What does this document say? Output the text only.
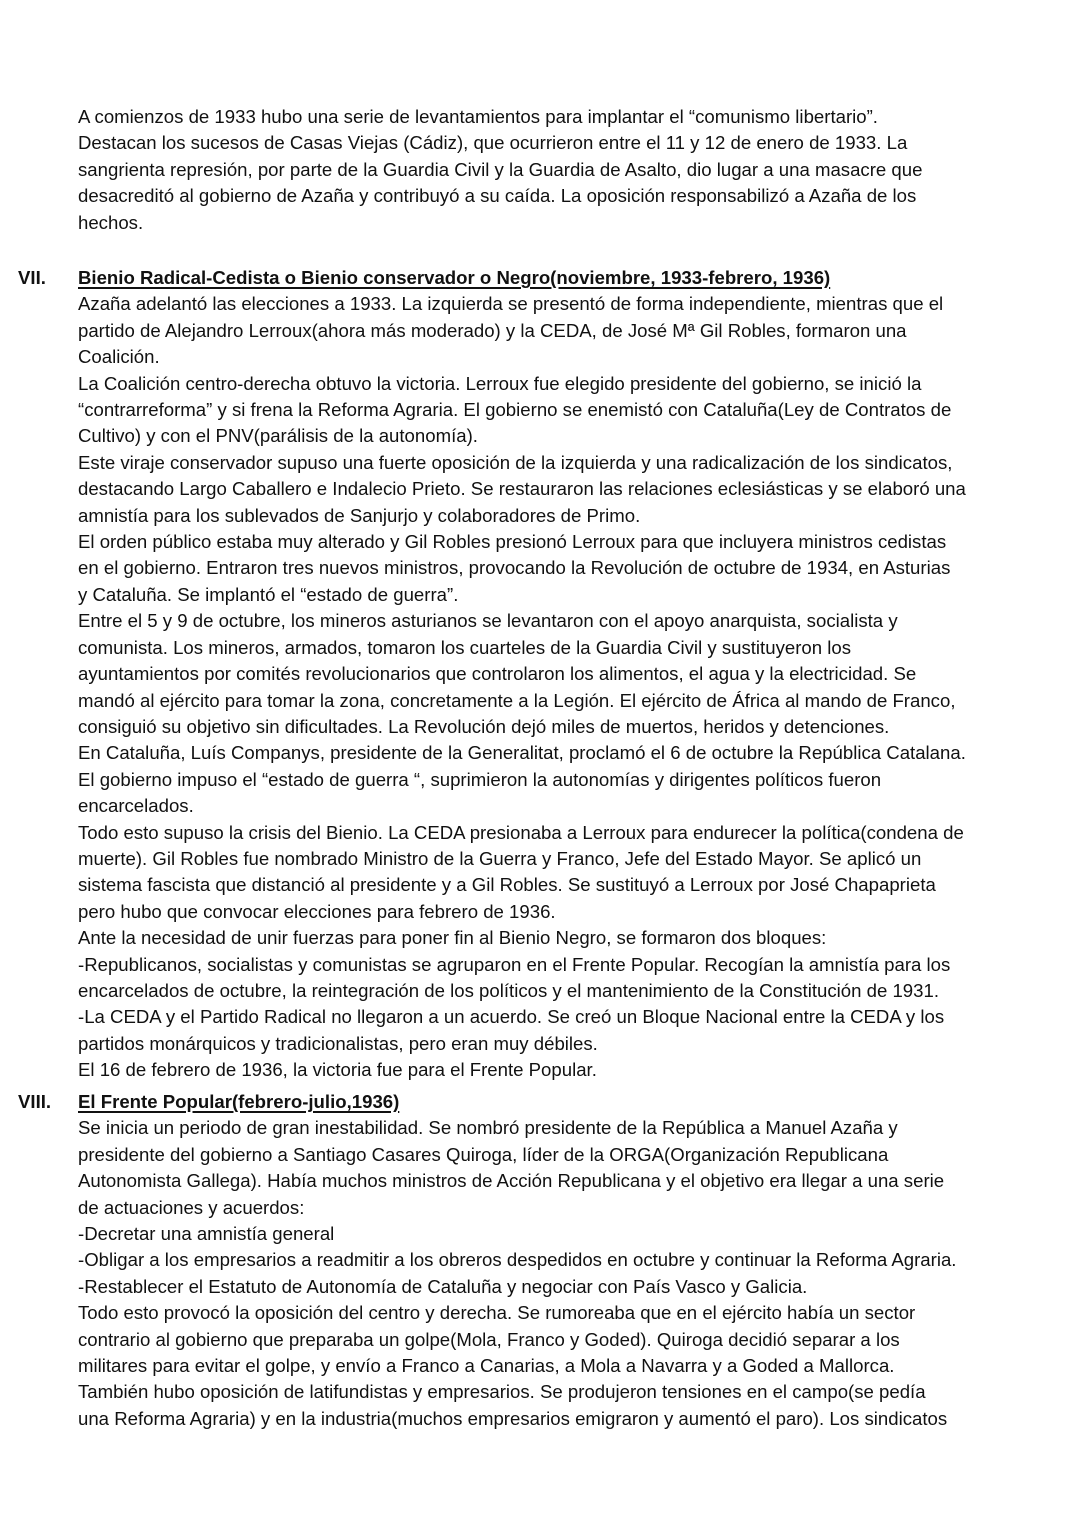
A comienzos de 1933 hubo una serie de levantamientos para implantar el “comunismo libertario”.
Destacan los sucesos de Casas Viejas (Cádiz), que ocurrieron entre el 11 y 12 de enero de 1933. La
sangrienta represión, por parte de la Guardia Civil y la Guardia de Asalto, dio lugar a una masacre que
desacreditó al gobierno de Azaña y contribuyó a su caída. La oposición responsabilizó a Azaña de los
hechos.
VII. Bienio Radical-Cedista o Bienio conservador o Negro(noviembre, 1933-febrero, 1936)
Azaña adelantó las elecciones a 1933. La izquierda se presentó de forma independiente, mientras que el
partido de Alejandro Lerroux(ahora más moderado) y la CEDA, de José Mª Gil Robles, formaron una
Coalición.
La Coalición centro-derecha obtuvo la victoria. Lerroux fue elegido presidente del gobierno, se inició la
“contrarreforma” y si frena la Reforma Agraria. El gobierno se enemistó con Cataluña(Ley de Contratos de
Cultivo) y con el PNV(parálisis de la autonomía).
Este viraje conservador supuso una fuerte oposición de la izquierda y una radicalización de los sindicatos,
destacando Largo Caballero e Indalecio Prieto. Se restauraron las relaciones eclesiásticas y se elaboró una
amnistía para los sublevados de Sanjurjo y colaboradores de Primo.
El orden público estaba muy alterado y Gil Robles presionó Lerroux para que incluyera ministros cedistas
en el gobierno. Entraron tres nuevos ministros, provocando la Revolución de octubre de 1934, en Asturias
y Cataluña. Se implantó el “estado de guerra”.
Entre el 5 y 9 de octubre, los mineros asturianos se levantaron con el apoyo anarquista, socialista y
comunista. Los mineros, armados, tomaron los cuarteles de la Guardia Civil y sustituyeron los
ayuntamientos por comités revolucionarios que controlaron los alimentos, el agua y la electricidad. Se
mandó al ejército para tomar la zona, concretamente a la Legión. El ejército de África al mando de Franco,
consiguió su objetivo sin dificultades. La Revolución dejó miles de muertos, heridos y detenciones.
En Cataluña, Luís Companys, presidente de la Generalitat, proclamó el 6 de octubre la República Catalana.
El gobierno impuso el “estado de guerra “, suprimieron la autonomías y dirigentes políticos fueron
encarcelados.
Todo esto supuso la crisis del Bienio. La CEDA presionaba a Lerroux para endurecer la política(condena de
muerte). Gil Robles fue nombrado Ministro de la Guerra y Franco, Jefe del Estado Mayor. Se aplicó un
sistema fascista que distanció al presidente y a Gil Robles. Se sustituyó a Lerroux por José Chapaprieta
pero hubo que convocar elecciones para febrero de 1936.
Ante la necesidad de unir fuerzas para poner fin al Bienio Negro, se formaron dos bloques:
-Republicanos, socialistas y comunistas se agruparon en el Frente Popular. Recogían la amnistía para los
encarcelados de octubre, la reintegración de los políticos y el mantenimiento de la Constitución de 1931.
-La CEDA y el Partido Radical no llegaron a un acuerdo. Se creó un Bloque Nacional entre la CEDA y los
partidos monárquicos y tradicionalistas, pero eran muy débiles.
El 16 de febrero de 1936, la victoria fue para el Frente Popular.
VIII. El Frente Popular(febrero-julio,1936)
Se inicia un periodo de gran inestabilidad. Se nombró presidente de la República a Manuel Azaña y
presidente del gobierno a Santiago Casares Quiroga, líder de la ORGA(Organización Republicana
Autonomista Gallega). Había muchos ministros de Acción Republicana y el objetivo era llegar a una serie
de actuaciones y acuerdos:
-Decretar una amnistía general
-Obligar a los empresarios a readmitir a los obreros despedidos en octubre y continuar la Reforma Agraria.
-Restablecer el Estatuto de Autonomía de Cataluña y negociar con País Vasco y Galicia.
Todo esto provocó la oposición del centro y derecha. Se rumoreaba que en el ejército había un sector
contrario al gobierno que preparaba un golpe(Mola, Franco y Goded). Quiroga decidió separar a los
militares para evitar el golpe, y envío a Franco a Canarias, a Mola a Navarra y a Goded a Mallorca.
También hubo oposición de latifundistas y empresarios. Se produjeron tensiones en el campo(se pedía
una Reforma Agraria) y en la industria(muchos empresarios emigraron y aumentó el paro). Los sindicatos
